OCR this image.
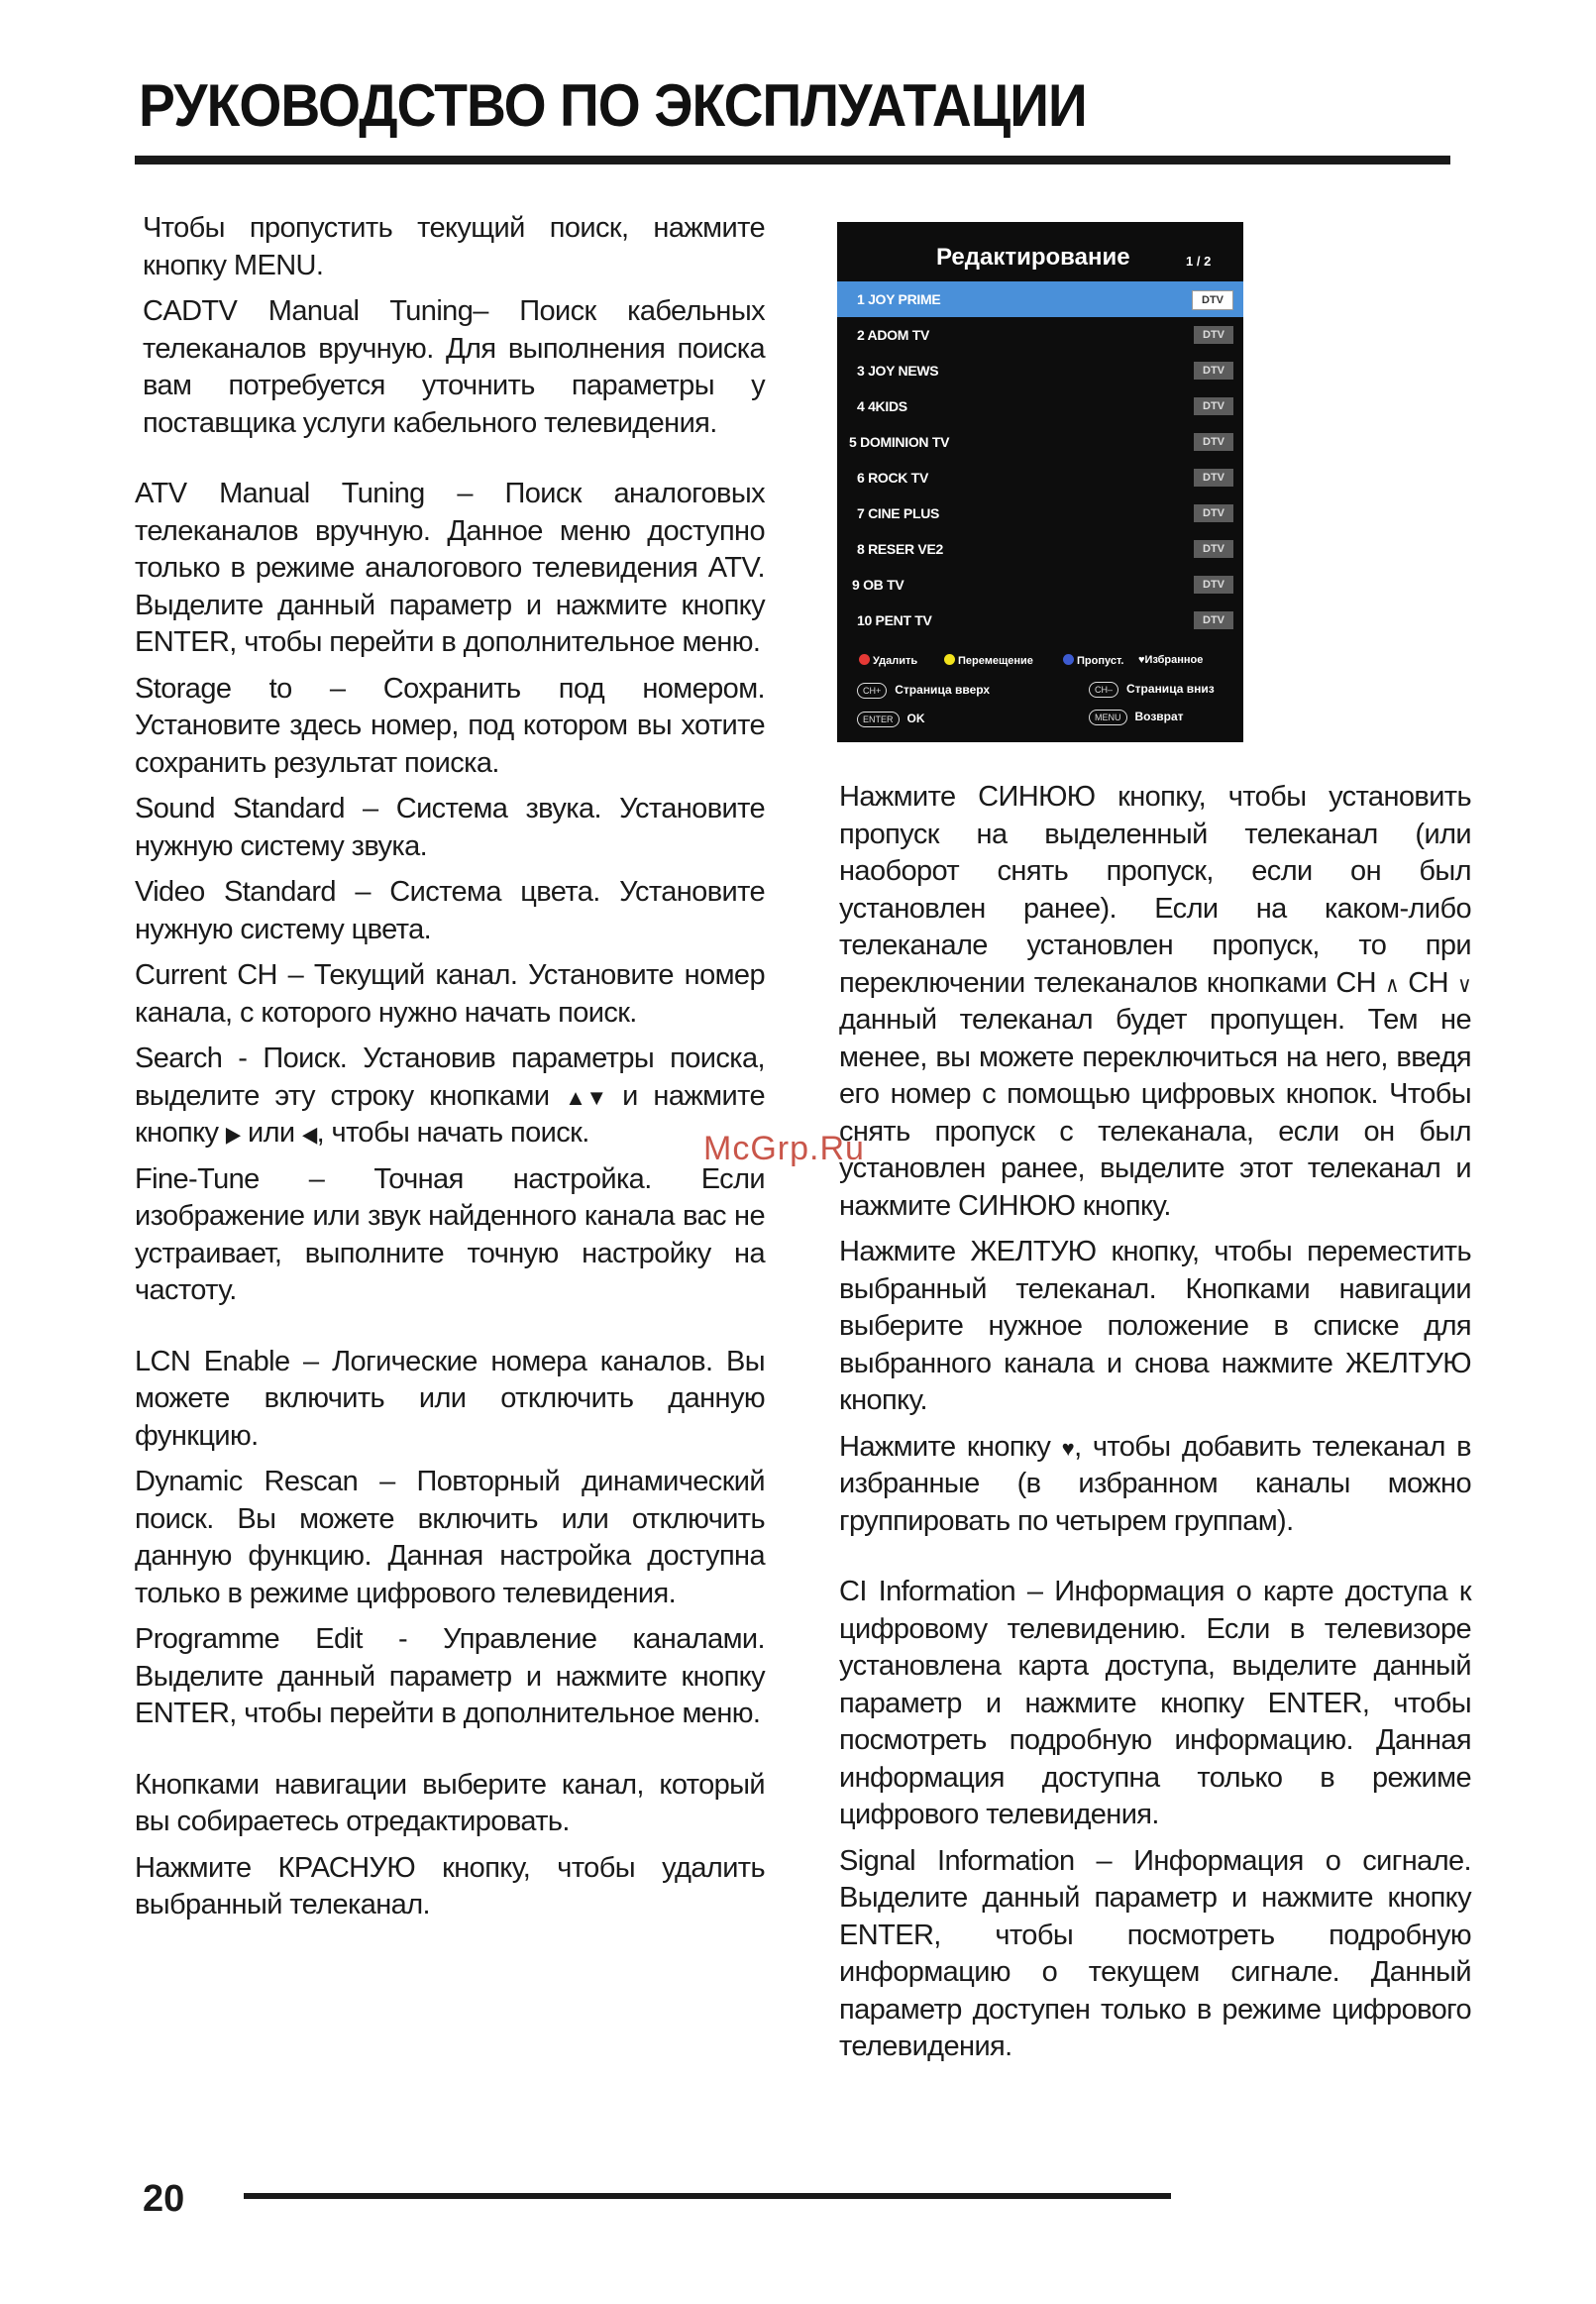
РУКОВОДСТВО ПО ЭКСПЛУАТАЦИИ

Чтобы пропустить текущий поиск, нажмите кнопку MENU.

CADTV Manual Tuning– Поиск кабельных телеканалов вручную. Для выполнения поиска вам потребуется уточнить параметры у поставщика услуги кабельного телевидения.

ATV Manual Tuning – Поиск аналоговых телеканалов вручную. Данное меню доступно только в режиме аналогового телевидения ATV. Выделите данный параметр и нажмите кнопку ENTER, чтобы перейти в дополнительное меню.

Storage to – Сохранить под номером. Установите здесь номер, под котором вы хотите сохранить результат поиска.

Sound Standard – Система звука. Установите нужную систему звука.

Video Standard – Система цвета. Установите нужную систему цвета.

Current CH – Текущий канал. Установите номер канала, с которого нужно начать поиск.

Search - Поиск. Установив параметры поиска, выделите эту строку кнопками ▲▼ и нажмите кнопку ▶ или ◀, чтобы начать поиск.

Fine-Tune – Точная настройка. Если изображение или звук найденного канала вас не устраивает, выполните точную настройку на частоту.

LCN Enable – Логические номера каналов. Вы можете включить или отключить данную функцию.

Dynamic Rescan – Повторный динамический поиск. Вы можете включить или отключить данную функцию. Данная настройка доступна только в режиме цифрового телевидения.

Programme Edit - Управление каналами. Выделите данный параметр и нажмите кнопку ENTER, чтобы перейти в дополнительное меню.

Кнопками навигации выберите канал, который вы собираетесь отредактировать.

Нажмите КРАСНУЮ кнопку, чтобы удалить выбранный телеканал.

Редактирование	1 / 2
1 JOY PRIME	DTV
2 ADOM TV	DTV
3 JOY NEWS	DTV
4 4KIDS	DTV
5 DOMINION TV	DTV
6 ROCK TV	DTV
7 CINE PLUS	DTV
8 RESER VE2	DTV
9 OB TV	DTV
10 PENT TV	DTV
Удалить	Перемещение	Пропуст. ♥Избранное
CH+ Страница вверх	CH– Страница вниз
ENTER OK	MENU Возврат

Нажмите СИНЮЮ кнопку, чтобы установить пропуск на выделенный телеканал (или наоборот снять пропуск, если он был установлен ранее). Если на каком-либо телеканале установлен пропуск, то при переключении телеканалов кнопками CH ∧ CH ∨ данный телеканал будет пропущен. Тем не менее, вы можете переключиться на него, введя его номер с помощью цифровых кнопок. Чтобы снять пропуск с телеканала, если он был установлен ранее, выделите этот телеканал и нажмите СИНЮЮ кнопку.

Нажмите ЖЕЛТУЮ кнопку, чтобы переместить выбранный телеканал. Кнопками навигации выберите нужное положение в списке для выбранного канала и снова нажмите ЖЕЛТУЮ кнопку.

Нажмите кнопку ♥, чтобы добавить телеканал в избранные (в избранном каналы можно группировать по четырем группам).

CI Information – Информация о карте доступа к цифровому телевидению. Если в телевизоре установлена карта доступа, выделите данный параметр и нажмите кнопку ENTER, чтобы посмотреть подробную информацию. Данная информация доступна только в режиме цифрового телевидения.

Signal Information – Информация о сигнале. Выделите данный параметр и нажмите кнопку ENTER, чтобы посмотреть подробную информацию о текущем сигнале. Данный параметр доступен только в режиме цифрового телевидения.

McGrp.Ru
20
